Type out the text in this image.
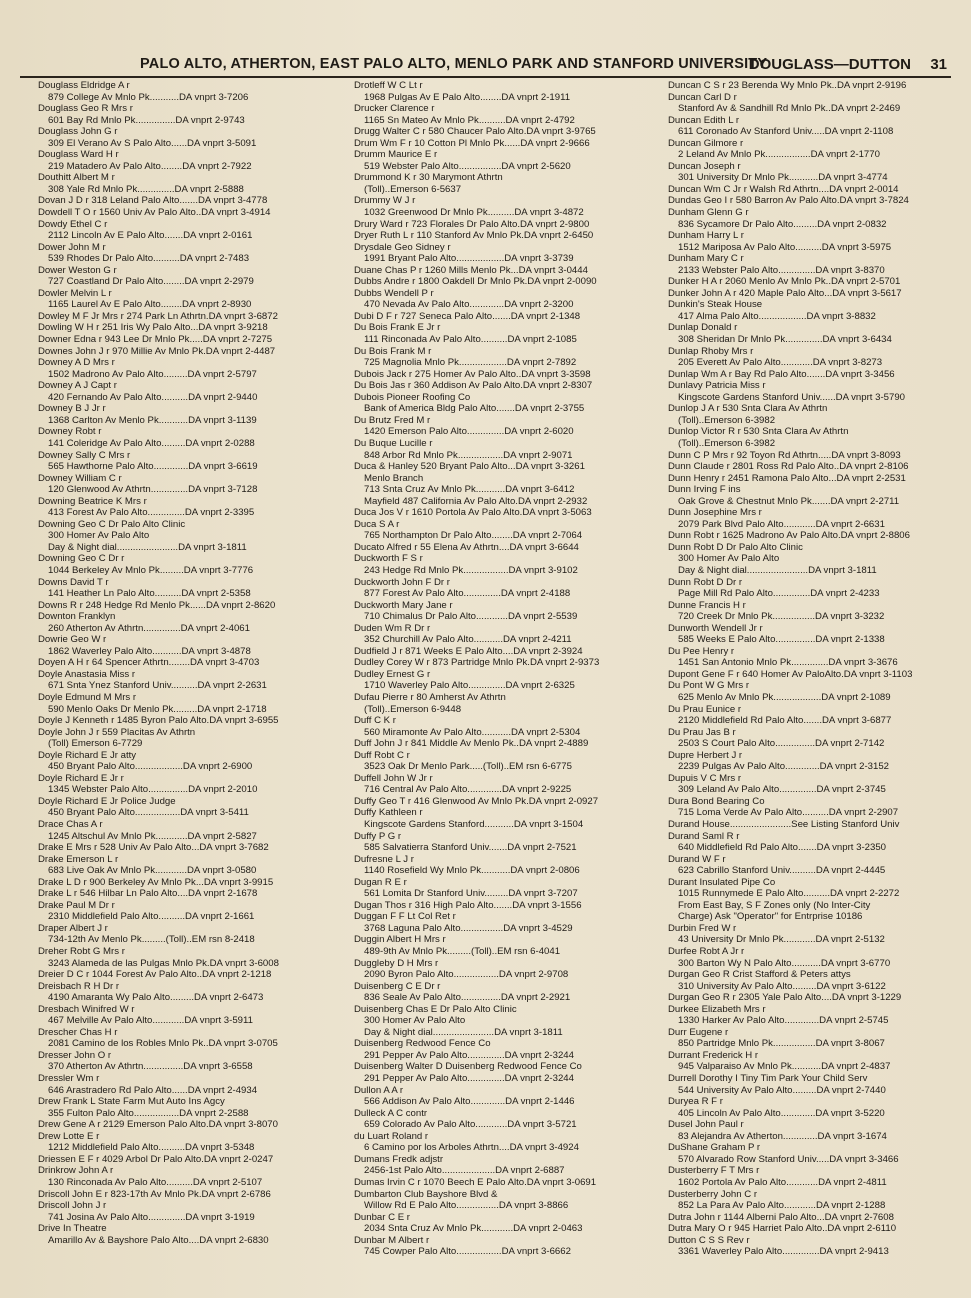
PALO ALTO, ATHERTON, EAST PALO ALTO, MENLO PARK AND STANFORD UNIVERSITY
DOUGLASS—DUTTON 31
Douglass Eldridge A r
879 College Av Mnlo Pk...........DA vnprt 3-7206
Douglass Geo R Mrs r
601 Bay Rd Mnlo Pk...............DA vnprt 2-9743
Douglass John G r
309 El Verano Av S Palo Alto......DA vnprt 3-5091
Douglass Ward H r
219 Matadero Av Palo Alto........DA vnprt 2-7922
Douthitt Albert M r
308 Yale Rd Mnlo Pk..............DA vnprt 2-5888
Dovan J D r 318 Leland Palo Alto.......DA vnprt 3-4778
Dowdell T O r 1560 Univ Av Palo Alto..DA vnprt 3-4914
Dowdy Ethel C r
2112 Lincoln Av E Palo Alto.......DA vnprt 2-0161
Dower John M r
539 Rhodes Dr Palo Alto..........DA vnprt 2-7483
Dower Weston G r
727 Coastland Dr Palo Alto........DA vnprt 2-2979
Dowler Melvin L r
1165 Laurel Av E Palo Alto........DA vnprt 2-8930
Dowley M F Jr Mrs r 274 Park Ln Athrtn.DA vnprt 3-6872
Dowling W H r 251 Iris Wy Palo Alto...DA vnprt 3-9218
Downer Edna r 943 Lee Dr Mnlo Pk.....DA vnprt 2-7275
Downes John J r 970 Millie Av Mnlo Pk.DA vnprt 2-4487
Downey A D Mrs r
1502 Madrono Av Palo Alto.........DA vnprt 2-5797
Downey A J Capt r
420 Fernando Av Palo Alto..........DA vnprt 2-9440
Downey B J Jr r
1368 Carlton Av Menlo Pk...........DA vnprt 3-1139
Downey Robt r
141 Coleridge Av Palo Alto.........DA vnprt 2-0288
Downey Sally C Mrs r
565 Hawthorne Palo Alto.............DA vnprt 3-6619
Downey William C r
120 Glenwood Av Athrtn..............DA vnprt 3-7128
Downing Beatrice K Mrs r
413 Forest Av Palo Alto..............DA vnprt 2-3395
Downing Geo C Dr Palo Alto Clinic
300 Homer Av Palo Alto
Day & Night dial.......................DA vnprt 3-1811
Downing Geo C Dr r
1044 Berkeley Av Mnlo Pk.........DA vnprt 3-7776
Downs David T r
141 Heather Ln Palo Alto..........DA vnprt 2-5358
Downs R r 248 Hedge Rd Menlo Pk......DA vnprt 2-8620
Downton Franklyn
260 Atherton Av Athrtn..............DA vnprt 2-4061
Dowrie Geo W r
1862 Waverley Palo Alto...........DA vnprt 3-4878
Doyen A H r 64 Spencer Athrtn........DA vnprt 3-4703
Doyle Anastasia Miss r
671 Snta Ynez Stanford Univ..........DA vnprt 2-2631
Doyle Edmund M Mrs r
590 Menlo Oaks Dr Menlo Pk.........DA vnprt 2-1718
Doyle J Kenneth r 1485 Byron Palo Alto.DA vnprt 3-6955
Doyle John J r 559 Placitas Av Athrtn
(Toll) Emerson 6-7729
Doyle Richard E Jr atty
450 Bryant Palo Alto..................DA vnprt 2-6900
Doyle Richard E Jr r
1345 Webster Palo Alto...............DA vnprt 2-2010
Doyle Richard E Jr Police Judge
450 Bryant Palo Alto.................DA vnprt 3-5411
Drace Chas A r
1245 Altschul Av Mnlo Pk............DA vnprt 2-5827
Drake E Mrs r 528 Univ Av Palo Alto...DA vnprt 3-7682
Drake Emerson L r
683 Live Oak Av Mnlo Pk............DA vnprt 3-0580
Drake L D r 900 Berkeley Av Mnlo Pk...DA vnprt 3-9915
Drake L r 546 Hilbar Ln Palo Alto....DA vnprt 2-1678
Drake Paul M Dr r
2310 Middlefield Palo Alto..........DA vnprt 2-1661
Draper Albert J r
734-12th Av Menlo Pk.........(Toll)..EM rsn 8-2418
Dreher Robt G Mrs r
3243 Alameda de las Pulgas Mnlo Pk.DA vnprt 3-6008
Dreier D C r 1044 Forest Av Palo Alto..DA vnprt 2-1218
Dreisbach R H Dr r
4190 Amaranta Wy Palo Alto.........DA vnprt 2-6473
Dresbach Winifred W r
467 Melville Av Palo Alto............DA vnprt 3-5911
Drescher Chas H r
2081 Camino de los Robles Mnlo Pk..DA vnprt 3-0705
Dresser John O r
370 Atherton Av Athrtn...............DA vnprt 3-6558
Dressler Wm r
646 Arastradero Rd Palo Alto......DA vnprt 2-4934
Drew Frank L State Farm Mut Auto Ins Agcy
355 Fulton Palo Alto.................DA vnprt 2-2588
Drew Gene A r 2129 Emerson Palo Alto.DA vnprt 3-8070
Drew Lotte E r
1212 Middlefield Palo Alto..........DA vnprt 3-5348
Driessen E F r 4029 Arbol Dr Palo Alto.DA vnprt 2-0247
Drinkrow John A r
130 Rinconada Av Palo Alto..........DA vnprt 2-5107
Driscoll John E r 823-17th Av Mnlo Pk.DA vnprt 2-6786
Driscoll John J r
741 Josina Av Palo Alto..............DA vnprt 3-1919
Drive In Theatre
Amarillo Av & Bayshore Palo Alto....DA vnprt 2-6830
Drotleff W C Lt r
1968 Pulgas Av E Palo Alto........DA vnprt 2-1911
Drucker Clarence r
1165 Sn Mateo Av Mnlo Pk..........DA vnprt 2-4792
Drugg Walter C r 580 Chaucer Palo Alto.DA vnprt 3-9765
Drum Wm F r 10 Cotton Pl Mnlo Pk......DA vnprt 2-9666
Drumm Maurice E r
519 Webster Palo Alto................DA vnprt 2-5620
Drummond K r 30 Marymont Athrtn
(Toll)..Emerson 6-5637
Drummy W J r
1032 Greenwood Dr Mnlo Pk..........DA vnprt 3-4872
Drury Ward r 723 Florales Dr Palo Alto.DA vnprt 2-9800
Dryer Ruth L r 110 Stanford Av Mnlo Pk.DA vnprt 2-6450
Drysdale Geo Sidney r
1991 Bryant Palo Alto..................DA vnprt 3-3739
Duane Chas P r 1260 Mills Menlo Pk...DA vnprt 3-0444
Dubbs Andre r 1800 Oakdell Dr Mnlo Pk.DA vnprt 2-0090
Dubbs Wendell P r
470 Nevada Av Palo Alto.............DA vnprt 2-3200
Dubi D F r 727 Seneca Palo Alto.......DA vnprt 2-1348
Du Bois Frank E Jr r
111 Rinconada Av Palo Alto..........DA vnprt 2-1085
Du Bois Frank M r
725 Magnolia Mnlo Pk..................DA vnprt 2-7892
Dubois Jack r 275 Homer Av Palo Alto..DA vnprt 3-3598
Du Bois Jas r 360 Addison Av Palo Alto.DA vnprt 2-8307
Dubois Pioneer Roofing Co
Bank of America Bldg Palo Alto.......DA vnprt 2-3755
Du Brutz Fred M r
1420 Emerson Palo Alto..............DA vnprt 2-6020
Du Buque Lucille r
848 Arbor Rd Mnlo Pk.................DA vnprt 2-9071
Duca & Hanley 520 Bryant Palo Alto...DA vnprt 3-3261
Menlo Branch
713 Snta Cruz Av Mnlo Pk...........DA vnprt 3-6412
Mayfield 487 California Av Palo Alto.DA vnprt 2-2932
Duca Jos V r 1610 Portola Av Palo Alto.DA vnprt 3-5063
Duca S A r
765 Northampton Dr Palo Alto........DA vnprt 2-7064
Ducato Alfred r 55 Elena Av Athrtn....DA vnprt 3-6644
Duckworth F S r
243 Hedge Rd Mnlo Pk.................DA vnprt 3-9102
Duckworth John F Dr r
877 Forest Av Palo Alto..............DA vnprt 2-4188
Duckworth Mary Jane r
710 Chimalus Dr Palo Alto............DA vnprt 2-5539
Duden Wm R Dr r
352 Churchill Av Palo Alto...........DA vnprt 2-4211
Dudfield J r 871 Weeks E Palo Alto....DA vnprt 2-3924
Dudley Corey W r 873 Partridge Mnlo Pk.DA vnprt 2-9373
Dudley Ernest G r
1710 Waverley Palo Alto..............DA vnprt 2-6325
Dufau Pierre r 80 Amherst Av Athrtn
(Toll)..Emerson 6-9448
Duff C K r
560 Miramonte Av Palo Alto...........DA vnprt 2-5304
Duff John J r 841 Middle Av Menlo Pk..DA vnprt 2-4889
Duff Robt C r
3523 Oak Dr Menlo Park.....(Toll)..EM rsn 6-6775
Duffell John W Jr r
716 Central Av Palo Alto.............DA vnprt 2-9225
Duffy Geo T r 416 Glenwood Av Mnlo Pk.DA vnprt 2-0927
Duffy Kathleen r
Kingscote Gardens Stanford...........DA vnprt 3-1504
Duffy P G r
585 Salvatierra Stanford Univ.......DA vnprt 2-7521
Dufresne L J r
1140 Rosefield Wy Mnlo Pk...........DA vnprt 2-0806
Dugan R E r
561 Lomita Dr Stanford Univ.........DA vnprt 3-7207
Dugan Thos r 316 High Palo Alto.......DA vnprt 3-1556
Duggan F F Lt Col Ret r
3768 Laguna Palo Alto................DA vnprt 3-4529
Duggin Albert H Mrs r
489-9th Av Mnlo Pk.........(Toll)..EM rsn 6-4041
Duggleby D H Mrs r
2090 Byron Palo Alto.................DA vnprt 2-9708
Duisenberg C E Dr r
836 Seale Av Palo Alto...............DA vnprt 2-2921
Duisenberg Chas E Dr Palo Alto Clinic
300 Homer Av Palo Alto
Day & Night dial.......................DA vnprt 3-1811
Duisenberg Redwood Fence Co
291 Pepper Av Palo Alto..............DA vnprt 2-3244
Duisenberg Walter D Duisenberg Redwood Fence Co
291 Pepper Av Palo Alto..............DA vnprt 2-3244
Dullon A A r
566 Addison Av Palo Alto.............DA vnprt 2-1446
Dulleck A C contr
659 Colorado Av Palo Alto............DA vnprt 3-5721
du Luart Roland r
6 Camino por los Arboles Athrtn....DA vnprt 3-4924
Dumans Fredk adjstr
2456-1st Palo Alto....................DA vnprt 2-6887
Dumas Irvin C r 1070 Beech E Palo Alto.DA vnprt 3-0691
Dumbarton Club Bayshore Blvd &
Willow Rd E Palo Alto................DA vnprt 3-8866
Dunbar C E r
2034 Snta Cruz Av Mnlo Pk............DA vnprt 2-0463
Dunbar M Albert r
745 Cowper Palo Alto.................DA vnprt 3-6662
Duncan C S r 23 Berenda Wy Mnlo Pk..DA vnprt 2-9196
Duncan Carl D r
Stanford Av & Sandhill Rd Mnlo Pk..DA vnprt 2-2469
Duncan Edith L r
611 Coronado Av Stanford Univ.....DA vnprt 2-1108
Duncan Gilmore r
2 Leland Av Mnlo Pk.................DA vnprt 2-1770
Duncan Joseph r
301 University Dr Mnlo Pk...........DA vnprt 3-4774
Duncan Wm C Jr r Walsh Rd Athrtn....DA vnprt 2-0014
Dundas Geo I r 580 Barron Av Palo Alto.DA vnprt 3-7824
Dunham Glenn G r
836 Sycamore Dr Palo Alto.........DA vnprt 2-0832
Dunham Harry L r
1512 Mariposa Av Palo Alto..........DA vnprt 3-5975
Dunham Mary C r
2133 Webster Palo Alto..............DA vnprt 3-8370
Dunker H A r 2060 Menlo Av Mnlo Pk..DA vnprt 2-5701
Dunker John A r 420 Maple Palo Alto...DA vnprt 3-5617
Dunkin's Steak House
417 Alma Palo Alto..................DA vnprt 3-8832
Dunlap Donald r
308 Sheridan Dr Mnlo Pk..............DA vnprt 3-6434
Dunlap Rhoby Mrs r
205 Everett Av Palo Alto............DA vnprt 3-8273
Dunlap Wm A r Bay Rd Palo Alto.......DA vnprt 3-3456
Dunlavy Patricia Miss r
Kingscote Gardens Stanford Univ......DA vnprt 3-5790
Dunlop J A r 530 Snta Clara Av Athrtn
(Toll)..Emerson 6-3982
Dunlop Victor R r 530 Snta Clara Av Athrtn
(Toll)..Emerson 6-3982
Dunn C P Mrs r 92 Toyon Rd Athrtn.....DA vnprt 3-8093
Dunn Claude r 2801 Ross Rd Palo Alto..DA vnprt 2-8106
Dunn Henry r 2451 Ramona Palo Alto...DA vnprt 2-2531
Dunn Irving F ins
Oak Grove & Chestnut Mnlo Pk.......DA vnprt 2-2711
Dunn Josephine Mrs r
2079 Park Blvd Palo Alto............DA vnprt 2-6631
Dunn Robt r 1625 Madrono Av Palo Alto.DA vnprt 2-8806
Dunn Robt D Dr Palo Alto Clinic
300 Homer Av Palo Alto
Day & Night dial.......................DA vnprt 3-1811
Dunn Robt D Dr r
Page Mill Rd Palo Alto..............DA vnprt 2-4233
Dunne Francis H r
720 Creek Dr Mnlo Pk................DA vnprt 3-3232
Dunworth Wendell Jr r
585 Weeks E Palo Alto...............DA vnprt 2-1338
Du Pee Henry r
1451 San Antonio Mnlo Pk..............DA vnprt 3-3676
Dupont Gene F r 640 Homer Av PaloAlto.DA vnprt 3-1103
Du Pont W G Mrs r
625 Menlo Av Mnlo Pk..................DA vnprt 2-1089
Du Prau Eunice r
2120 Middlefield Rd Palo Alto.......DA vnprt 3-6877
Du Prau Jas B r
2503 S Court Palo Alto...............DA vnprt 2-7142
Dupre Herbert J r
2239 Pulgas Av Palo Alto.............DA vnprt 2-3152
Dupuis V C Mrs r
309 Leland Av Palo Alto..............DA vnprt 2-3745
Dura Bond Bearing Co
715 Loma Verde Av Palo Alto..........DA vnprt 2-2907
Durand House.......................See Listing Stanford Univ
Durand Saml R r
640 Middlefield Rd Palo Alto.......DA vnprt 3-2350
Durand W F r
623 Cabrillo Stanford Univ..........DA vnprt 2-4445
Durant Insulated Pipe Co
1015 Runnymede E Palo Alto..........DA vnprt 2-2272
From East Bay, S F Zones only (No Inter-City
Charge) Ask "Operator" for Entrprise 10186
Durbin Fred W r
43 University Dr Mnlo Pk............DA vnprt 2-5132
Durfee Robt A Jr r
300 Barton Wy N Palo Alto...........DA vnprt 3-6770
Durgan Geo R Crist Stafford & Peters attys
310 University Av Palo Alto.........DA vnprt 3-6122
Durgan Geo R r 2305 Yale Palo Alto....DA vnprt 3-1229
Durkee Elizabeth Mrs r
1330 Harker Av Palo Alto.............DA vnprt 2-5745
Durr Eugene r
850 Partridge Mnlo Pk................DA vnprt 3-8067
Durrant Frederick H r
945 Valparaiso Av Mnlo Pk...........DA vnprt 2-4837
Durrell Dorothy I Tiny Tim Park Your Child Serv
544 University Av Palo Alto.........DA vnprt 2-7440
Duryea R F r
405 Lincoln Av Palo Alto.............DA vnprt 3-5220
Dusel John Paul r
83 Alejandra Av Atherton.............DA vnprt 3-1674
DuShane Graham P r
570 Alvarado Row Stanford Univ.....DA vnprt 3-3466
Dusterberry F T Mrs r
1602 Portola Av Palo Alto............DA vnprt 2-4811
Dusterberry John C r
852 La Para Av Palo Alto............DA vnprt 2-1288
Dutra John r 1144 Alberni Palo Alto...DA vnprt 2-7608
Dutra Mary O r 945 Harriet Palo Alto..DA vnprt 2-6110
Dutton C S S Rev r
3361 Waverley Palo Alto..............DA vnprt 2-9413
